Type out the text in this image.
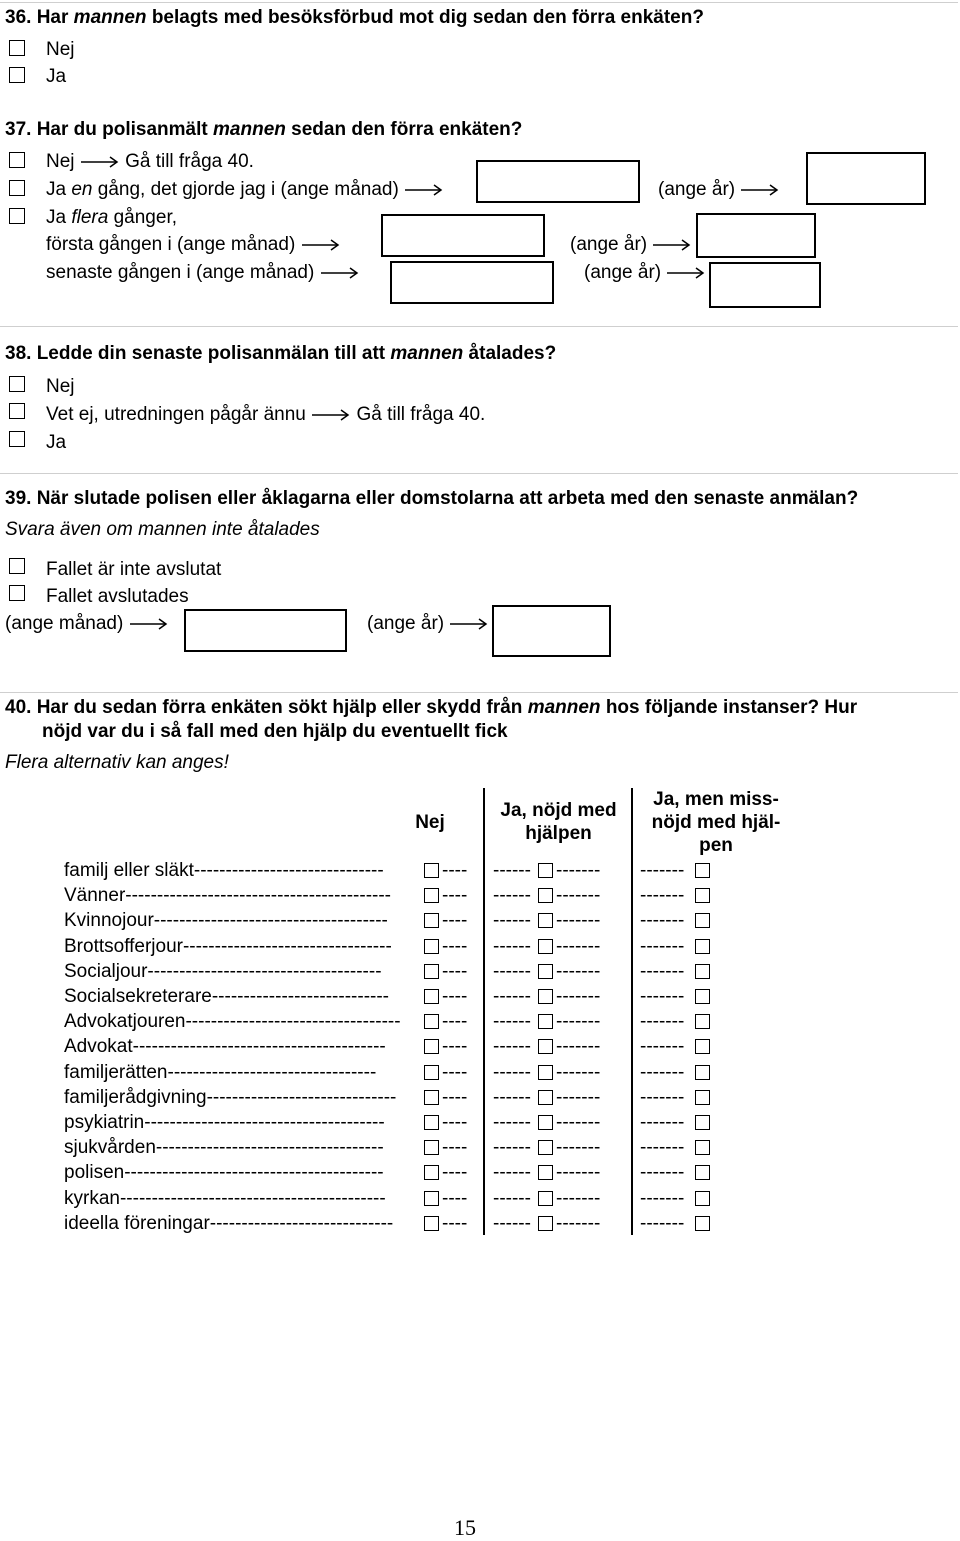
36. Har mannen belagts med besöksförbud mot dig sedan den förra enkäten?
Nej
Ja
37. Har du polisanmält mannen sedan den förra enkäten?
Nej	Gå till fråga 40.
Ja en gång, det gjorde jag i (ange månad)	(ange år)
Ja flera gånger,
första gången i (ange månad)	(ange år)
senaste gången i (ange månad)	(ange år)
38. Ledde din senaste polisanmälan till att mannen åtalades?
Nej
Vet ej, utredningen pågår ännu	Gå till fråga 40.
Ja
39. När slutade polisen eller åklagarna eller domstolarna att arbeta med den senaste anmälan?
Svara även om mannen inte åtalades
Fallet är inte avslutat
Fallet avslutades
(ange månad)	(ange år)
40. Har du sedan förra enkäten sökt hjälp eller skydd från mannen hos följande instanser? Hur
nöjd var du i så fall med den hjälp du eventuellt fick
Flera alternativ kan anges!
Nej
Ja, nöjd med
hjälpen
Ja, men miss-
nöjd med hjäl-
pen
familj eller släkt------------------------------	---- ------ ------- -------
Vänner------------------------------------------	---- ------ ------- -------
Kvinnojour-------------------------------------	---- ------ ------- -------
Brottsofferjour---------------------------------	---- ------ ------- -------
Socialjour-------------------------------------	---- ------ ------- -------
Socialsekreterare----------------------------	---- ------ ------- -------
Advokatjouren----------------------------------	---- ------ ------- -------
Advokat----------------------------------------	---- ------ ------- -------
familjerätten---------------------------------	---- ------ ------- -------
familjerådgivning------------------------------	---- ------ ------- -------
psykiatrin--------------------------------------	---- ------ ------- -------
sjukvården------------------------------------	---- ------ ------- -------
polisen-----------------------------------------	---- ------ ------- -------
kyrkan------------------------------------------	---- ------ ------- -------
ideella föreningar-----------------------------	---- ------ ------- -------
15
